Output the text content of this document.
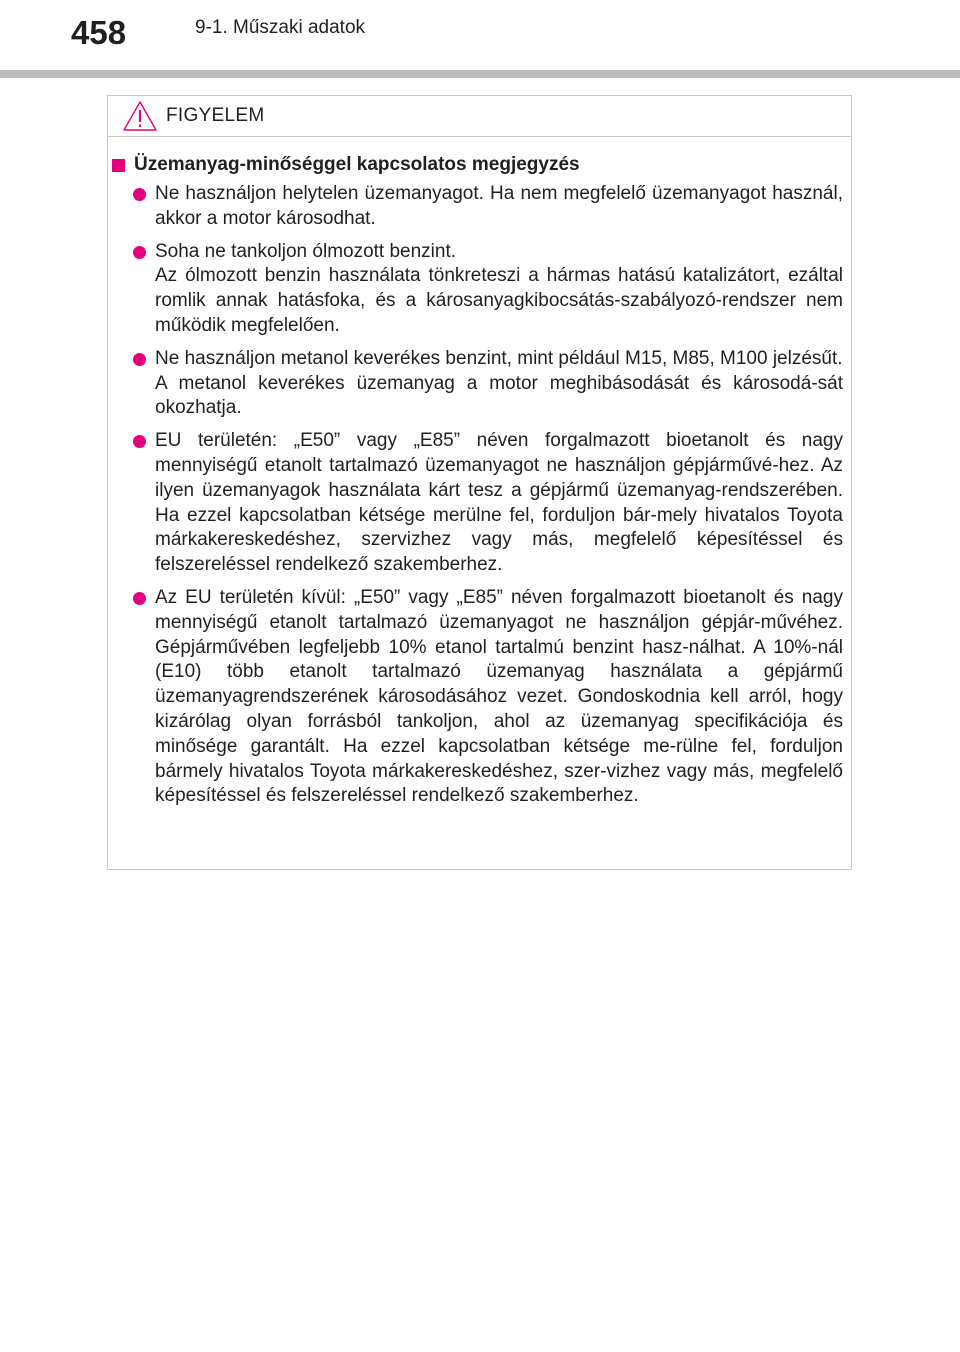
458	9-1. Műszaki adatok
FIGYELEM
Üzemanyag-minőséggel kapcsolatos megjegyzés

Ne használjon helytelen üzemanyagot. Ha nem megfelelő üzemanyagot használ, akkor a motor károsodhat.

Soha ne tankoljon ólmozott benzint.

Az ólmozott benzin használata tönkreteszi a hármas hatású katalizátort, ezáltal romlik annak hatásfoka, és a károsanyagkibocsátás-szabályozó-rendszer nem működik megfelelően.

Ne használjon metanol keverékes benzint, mint például M15, M85, M100 jelzésűt.

A metanol keverékes üzemanyag a motor meghibásodását és károsodá-sát okozhatja.

EU területén: „E50” vagy „E85” néven forgalmazott bioetanolt és nagy mennyiségű etanolt tartalmazó üzemanyagot ne használjon gépjárművé-hez. Az ilyen üzemanyagok használata kárt tesz a gépjármű üzemanyag-rendszerében. Ha ezzel kapcsolatban kétsége merülne fel, forduljon bár-mely hivatalos Toyota márkakereskedéshez, szervizhez vagy más, megfelelő képesítéssel és felszereléssel rendelkező szakemberhez.

Az EU területén kívül: „E50” vagy „E85” néven forgalmazott bioetanolt és nagy mennyiségű etanolt tartalmazó üzemanyagot ne használjon gépjár-művéhez. Gépjárművében legfeljebb 10% etanol tartalmú benzint hasz-nálhat. A 10%-nál (E10) több etanolt tartalmazó üzemanyag használata a gépjármű üzemanyagrendszerének károsodásához vezet. Gondoskodnia kell arról, hogy kizárólag olyan forrásból tankoljon, ahol az üzemanyag specifikációja és minősége garantált. Ha ezzel kapcsolatban kétsége me-rülne fel, forduljon bármely hivatalos Toyota márkakereskedéshez, szer-vizhez vagy más, megfelelő képesítéssel és felszereléssel rendelkező szakemberhez.
